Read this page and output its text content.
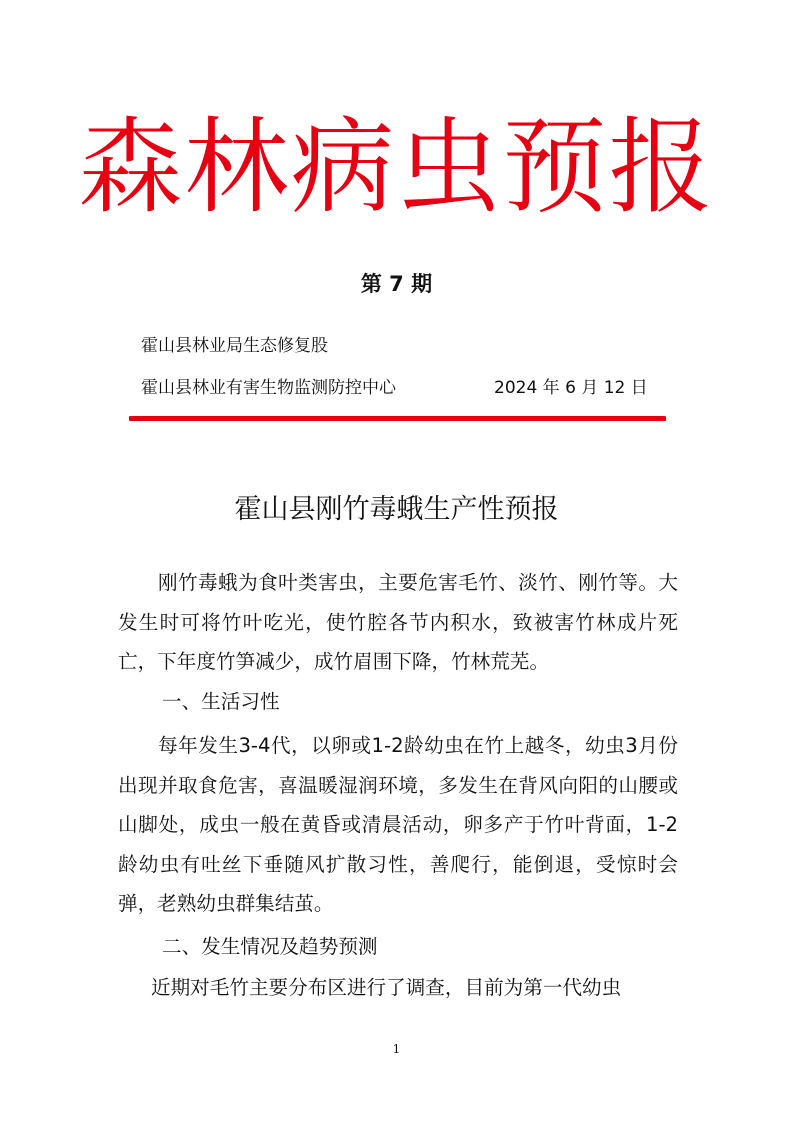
森林病虫预报
第 7 期
霍山县林业局生态修复股
霍山县林业有害生物监测防控中心	2024 年 6 月 12 日
霍山县刚竹毒蛾生产性预报
刚竹毒蛾为食叶类害虫，主要危害毛竹、淡竹、刚竹等。大发生时可将竹叶吃光，使竹腔各节内积水，致被害竹林成片死亡，下年度竹笋减少，成竹眉围下降，竹林荒芜。
一、生活习性
每年发生3-4代，以卵或1-2龄幼虫在竹上越冬，幼虫3月份出现并取食危害，喜温暖湿润环境，多发生在背风向阳的山腰或山脚处，成虫一般在黄昏或清晨活动，卵多产于竹叶背面，1-2龄幼虫有吐丝下垂随风扩散习性，善爬行，能倒退，受惊时会弹，老熟幼虫群集结茧。
二、发生情况及趋势预测
近期对毛竹主要分布区进行了调查，目前为第一代幼虫
1
